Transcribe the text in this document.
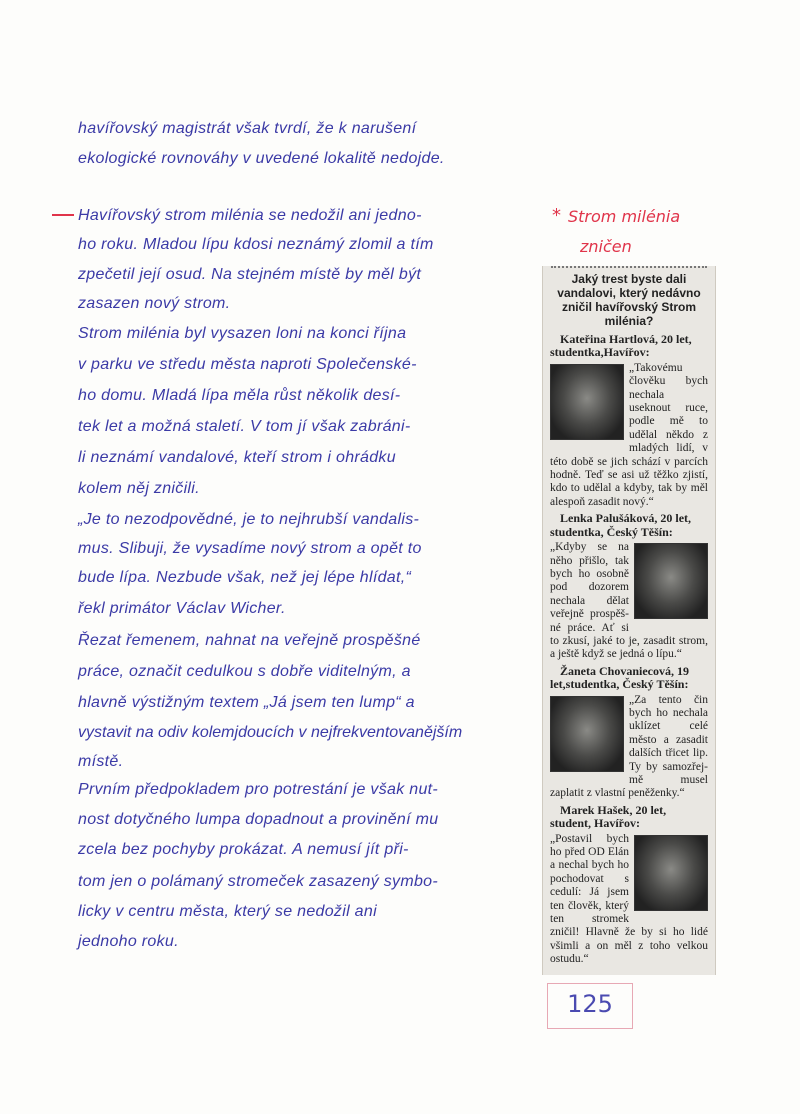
havířovský magistrát však tvrdí, že k narušení
ekologické rovnováhy v uvedené lokalitě nedojde.
Havířovský strom milénia se nedožil ani jedno-
ho roku. Mladou lípu kdosi neznámý zlomil a tím
zpečetil její osud. Na stejném místě by měl být
zasazen nový strom.
Strom milénia byl vysazen loni na konci října
v parku ve středu města naproti Společenské-
ho domu. Mladá lípa měla růst několik desí-
tek let a možná staletí. V tom jí však zabráni-
li neznámí vandalové, kteří strom i ohrádku
kolem něj zničili.
„Je to nezodpovědné, je to nejhrubší vandalis-
mus. Slibuji, že vysadíme nový strom a opět to
bude lípa. Nezbude však, než jej lépe hlídat,“
řekl primátor Václav Wicher.
Řezat řemenem, nahnat na veřejně prospěšné
práce, označit cedulkou s dobře viditelným, a
hlavně výstižným textem „Já jsem ten lump“ a
vystavit na odiv kolemjdoucích v nejfrekventovanějším
místě.
Prvním předpokladem pro potrestání je však nut-
nost dotyčného lumpa dopadnout a provinění mu
zcela bez pochyby prokázat. A nemusí jít při-
tom jen o polámaný stromeček zasazený symbo-
licky v centru města, který se nedožil ani
jednoho roku.
* Strom milénia
zničen
Jaký trest byste dali vandalovi, který nedávno zničil havířovský Strom milénia?

Kateřina Hartlová, 20 let, studentka,Havířov:

„Takovému člověku bych nechala useknout ruce, podle mě to udělal někdo z mladých lidí, v této době se jich schází v parcích hodně. Teď se asi už těžko zjistí, kdo to udělal a kdyby, tak by měl alespoň zasadit nový.“

Lenka Palušáková, 20 let, studentka, Český Těšín:

„Kdyby se na něho přišlo, tak bych ho osobně pod dozorem nechala dělat veřejně prospěš- né práce. Ať si to zkusí, jaké to je, zasadit strom, a ještě když se jedná o lípu.“

Žaneta Chovaniecová, 19 let,studentka, Český Těšín:

„Za tento čin bych ho nechala uklízet celé město a zasadit dalších třicet lip. Ty by samozřej- mě musel zaplatit z vlastní peněženky.“

Marek Hašek, 20 let, student, Havířov:

„Postavil bych ho před OD Elán a nechal bych ho pochodovat s cedulí: Já jsem ten člověk, který ten stromek zničil! Hlavně že by si ho lidé všimli a on měl z toho velkou ostudu.“

125
